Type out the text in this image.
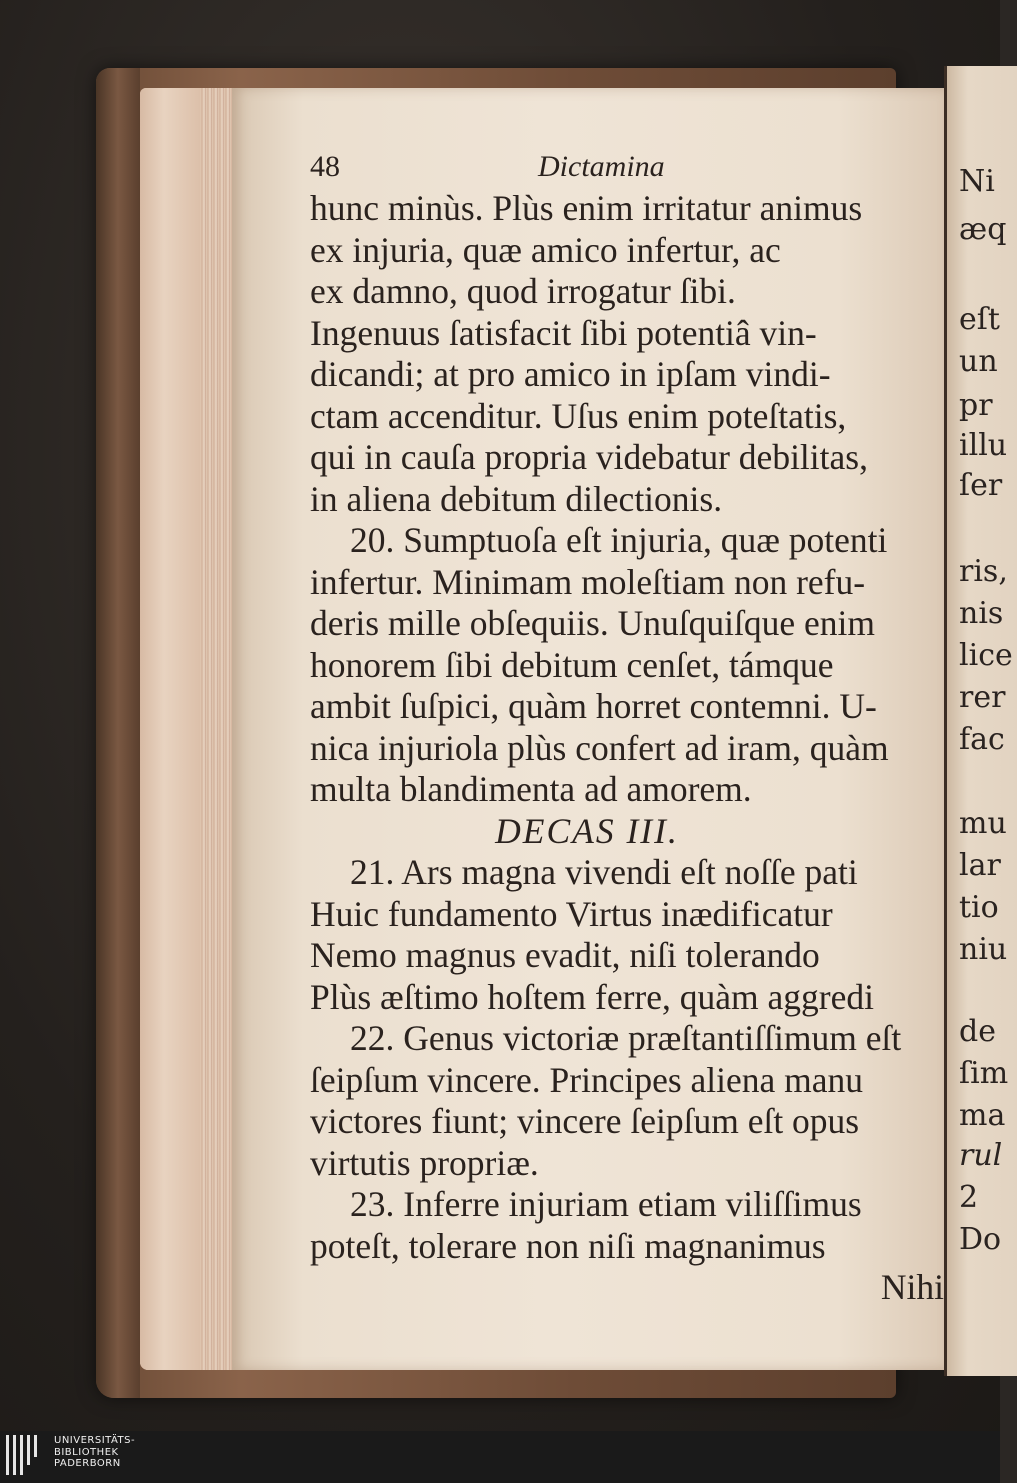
Ni
æq
eſt
un
pr
illu
ſer
ris,
nis
lice
rer
fac
mu
lar
tio
niu
de
ſim
ma
rul
2
Do
48	Dictamina
hunc minùs. Plùs enim irritatur animus
ex injuria, quæ amico infertur, ac
ex damno, quod irrogatur ſibi.
Ingenuus ſatisfacit ſibi potentiâ vin-
dicandi; at pro amico in ipſam vindi-
ctam accenditur. Uſus enim poteſtatis,
qui in cauſa propria videbatur debilitas,
in aliena debitum dilectionis.
20. Sumptuoſa eſt injuria, quæ potenti
infertur. Minimam moleſtiam non refu-
deris mille obſequiis. Unuſquiſque enim
honorem ſibi debitum cenſet, támque
ambit ſuſpici, quàm horret contemni. U-
nica injuriola plùs confert ad iram, quàm
multa blandimenta ad amorem.
DECAS III.
21. Ars magna vivendi eſt noſſe pati
Huic fundamento Virtus inædificatur
Nemo magnus evadit, niſi tolerando
Plùs æſtimo hoſtem ferre, quàm aggredi
22. Genus victoriæ præſtantiſſimum eſt
ſeipſum vincere. Principes aliena manu
victores fiunt; vincere ſeipſum eſt opus
virtutis propriæ.
23. Inferre injuriam etiam viliſſimus
poteſt, tolerare non niſi magnanimus
Nihi
UNIVERSITÄTS-
BIBLIOTHEK
PADERBORN
